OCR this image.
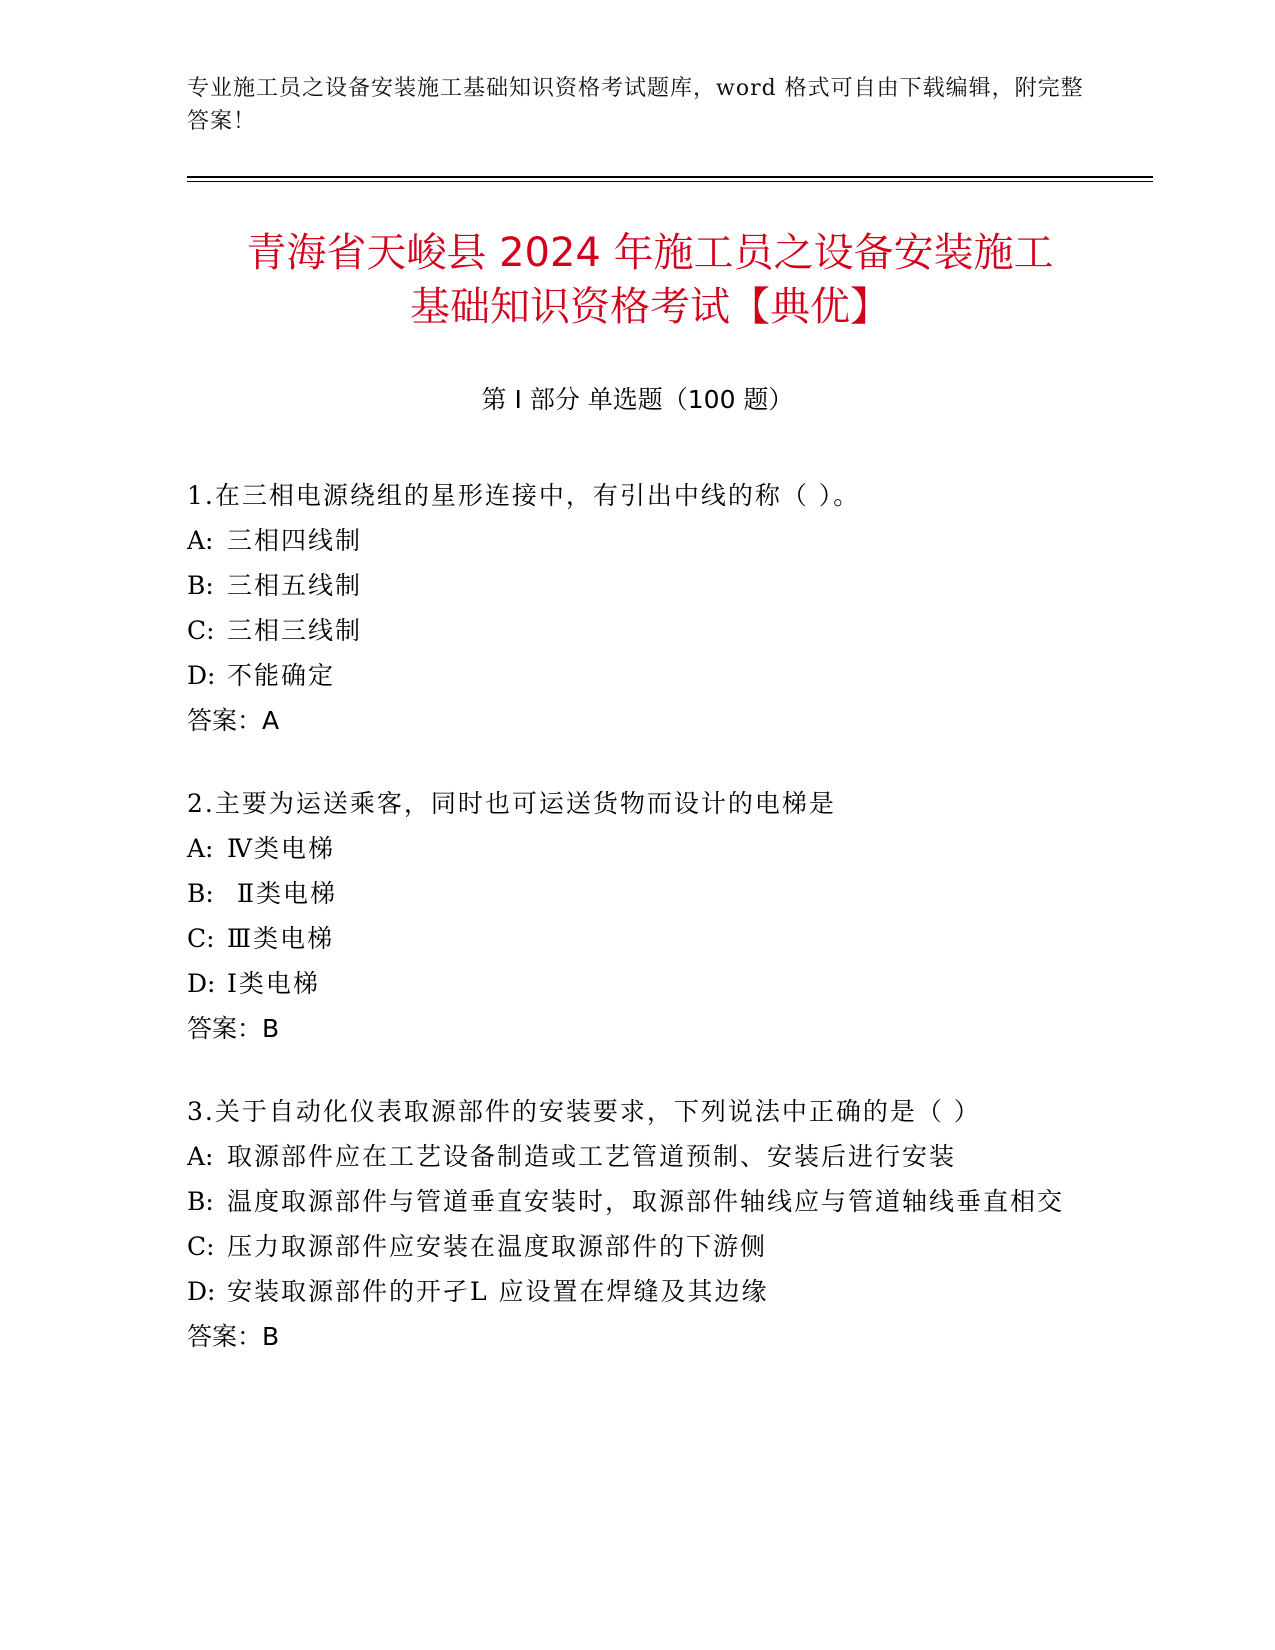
专业施工员之设备安装施工基础知识资格考试题库，word 格式可自由下载编辑，附完整答案！
青海省天峻县 2024 年施工员之设备安装施工
基础知识资格考试【典优】
第 I 部分 单选题（100 题）
1.在三相电源绕组的星形连接中，有引出中线的称（ ）。
A: 三相四线制
B: 三相五线制
C: 三相三线制
D: 不能确定
答案：A
2.主要为运送乘客，同时也可运送货物而设计的电梯是
A: Ⅳ类电梯
B: Ⅱ类电梯
C: Ⅲ类电梯
D: Ⅰ类电梯
答案：B
3.关于自动化仪表取源部件的安装要求，下列说法中正确的是（ ）
A: 取源部件应在工艺设备制造或工艺管道预制、安装后进行安装
B: 温度取源部件与管道垂直安装时，取源部件轴线应与管道轴线垂直相交
C: 压力取源部件应安装在温度取源部件的下游侧
D: 安装取源部件的开孑L 应设置在焊缝及其边缘
答案：B
